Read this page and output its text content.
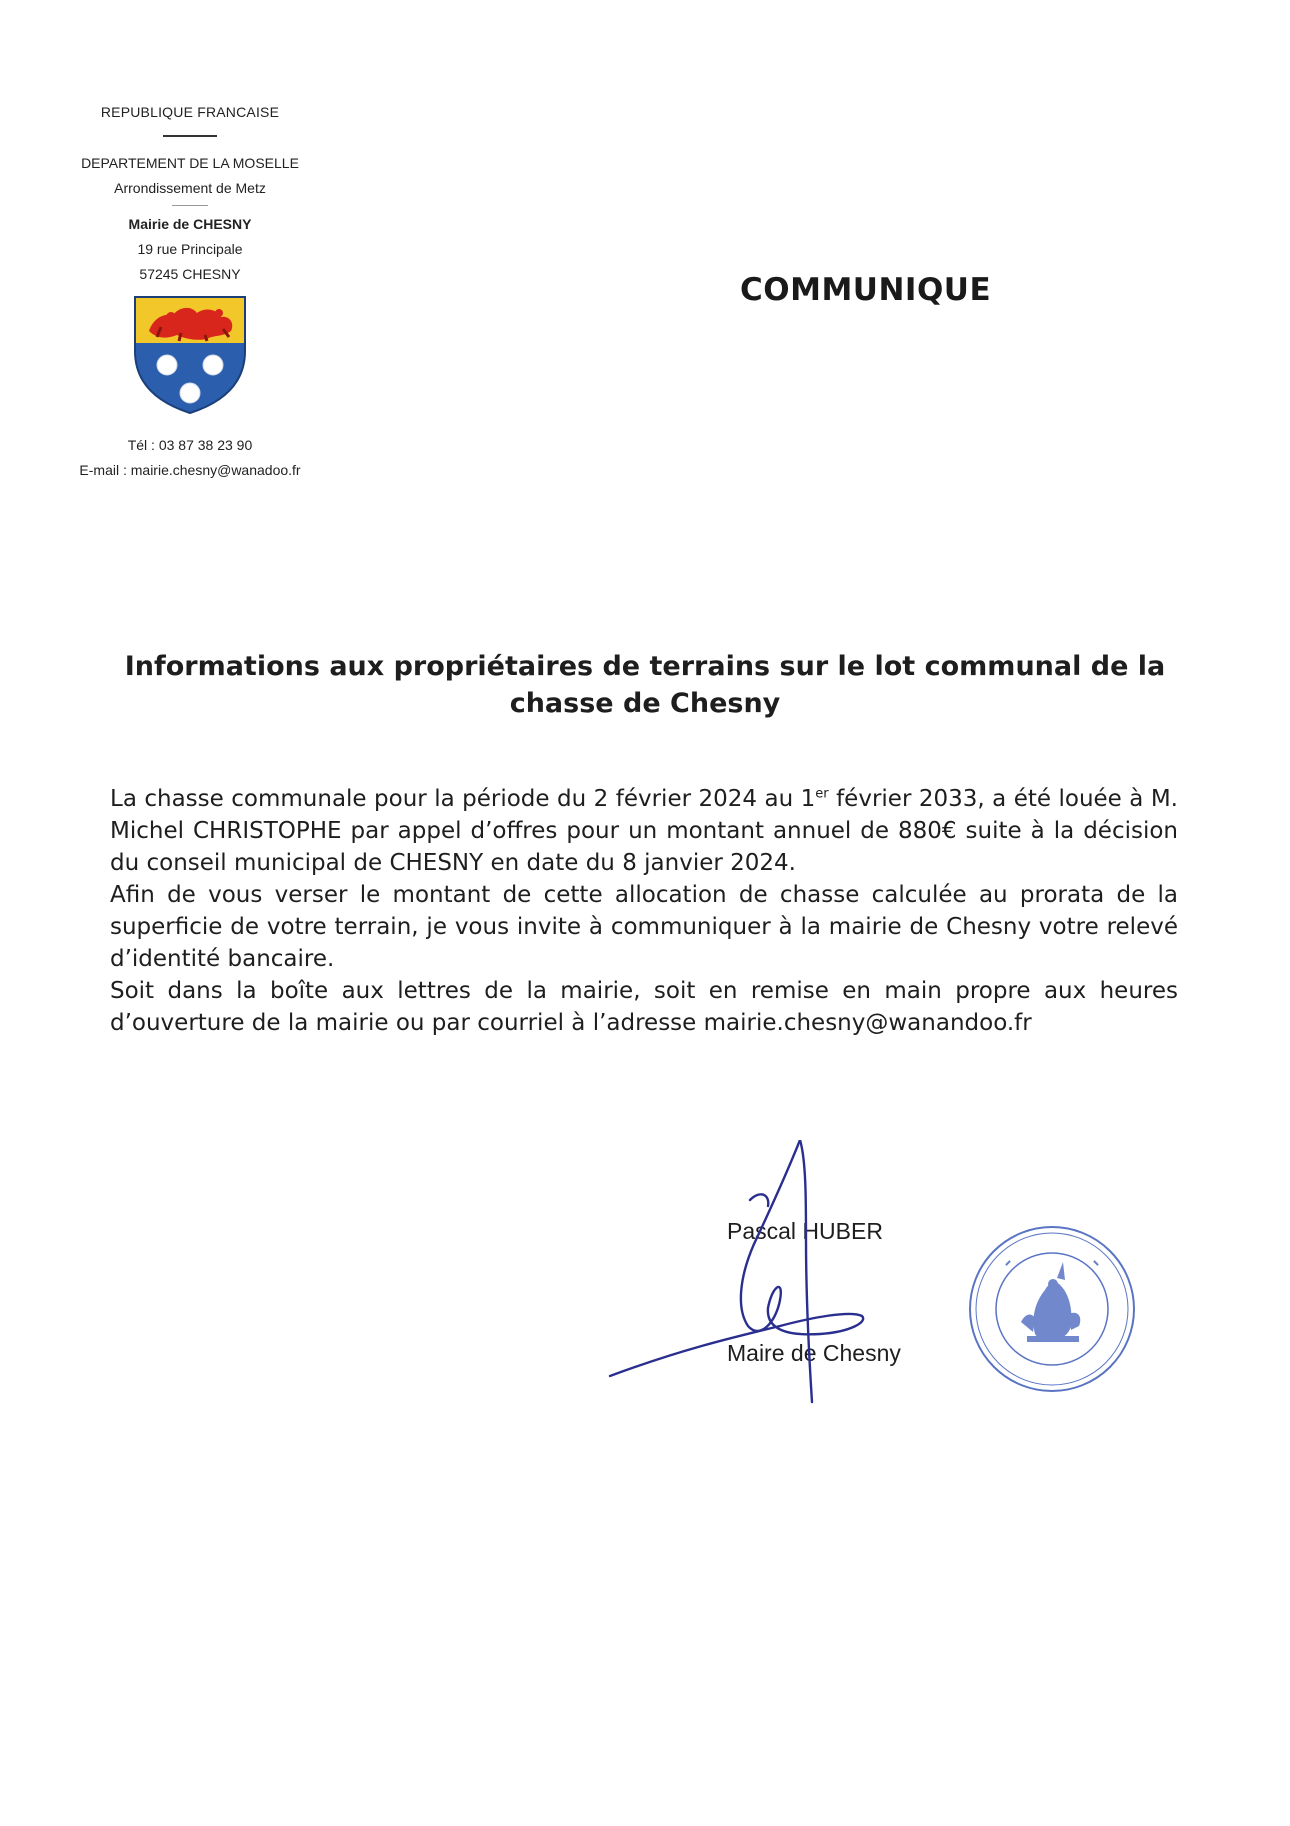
REPUBLIQUE FRANCAISE
DEPARTEMENT DE LA MOSELLE
Arrondissement de Metz
Mairie de CHESNY
19 rue Principale
57245 CHESNY
Tél : 03 87 38 23 90
E-mail : mairie.chesny@wanadoo.fr
COMMUNIQUE
Informations aux propriétaires de terrains sur le lot communal de la
chasse de Chesny

La chasse communale pour la période du 2 février 2024 au 1er février 2033, a été louée à M. Michel CHRISTOPHE par appel d’offres pour un montant annuel de 880€ suite à la décision du conseil municipal de CHESNY en date du 8 janvier 2024.

Afin de vous verser le montant de cette allocation de chasse calculée au prorata de la superficie de votre terrain, je vous invite à communiquer à la mairie de Chesny votre relevé d’identité bancaire.

Soit dans la boîte aux lettres de la mairie, soit en remise en main propre aux heures d’ouverture de la mairie ou par courriel à l’adresse mairie.chesny@wanandoo.fr

Pascal HUBER
Maire de Chesny
